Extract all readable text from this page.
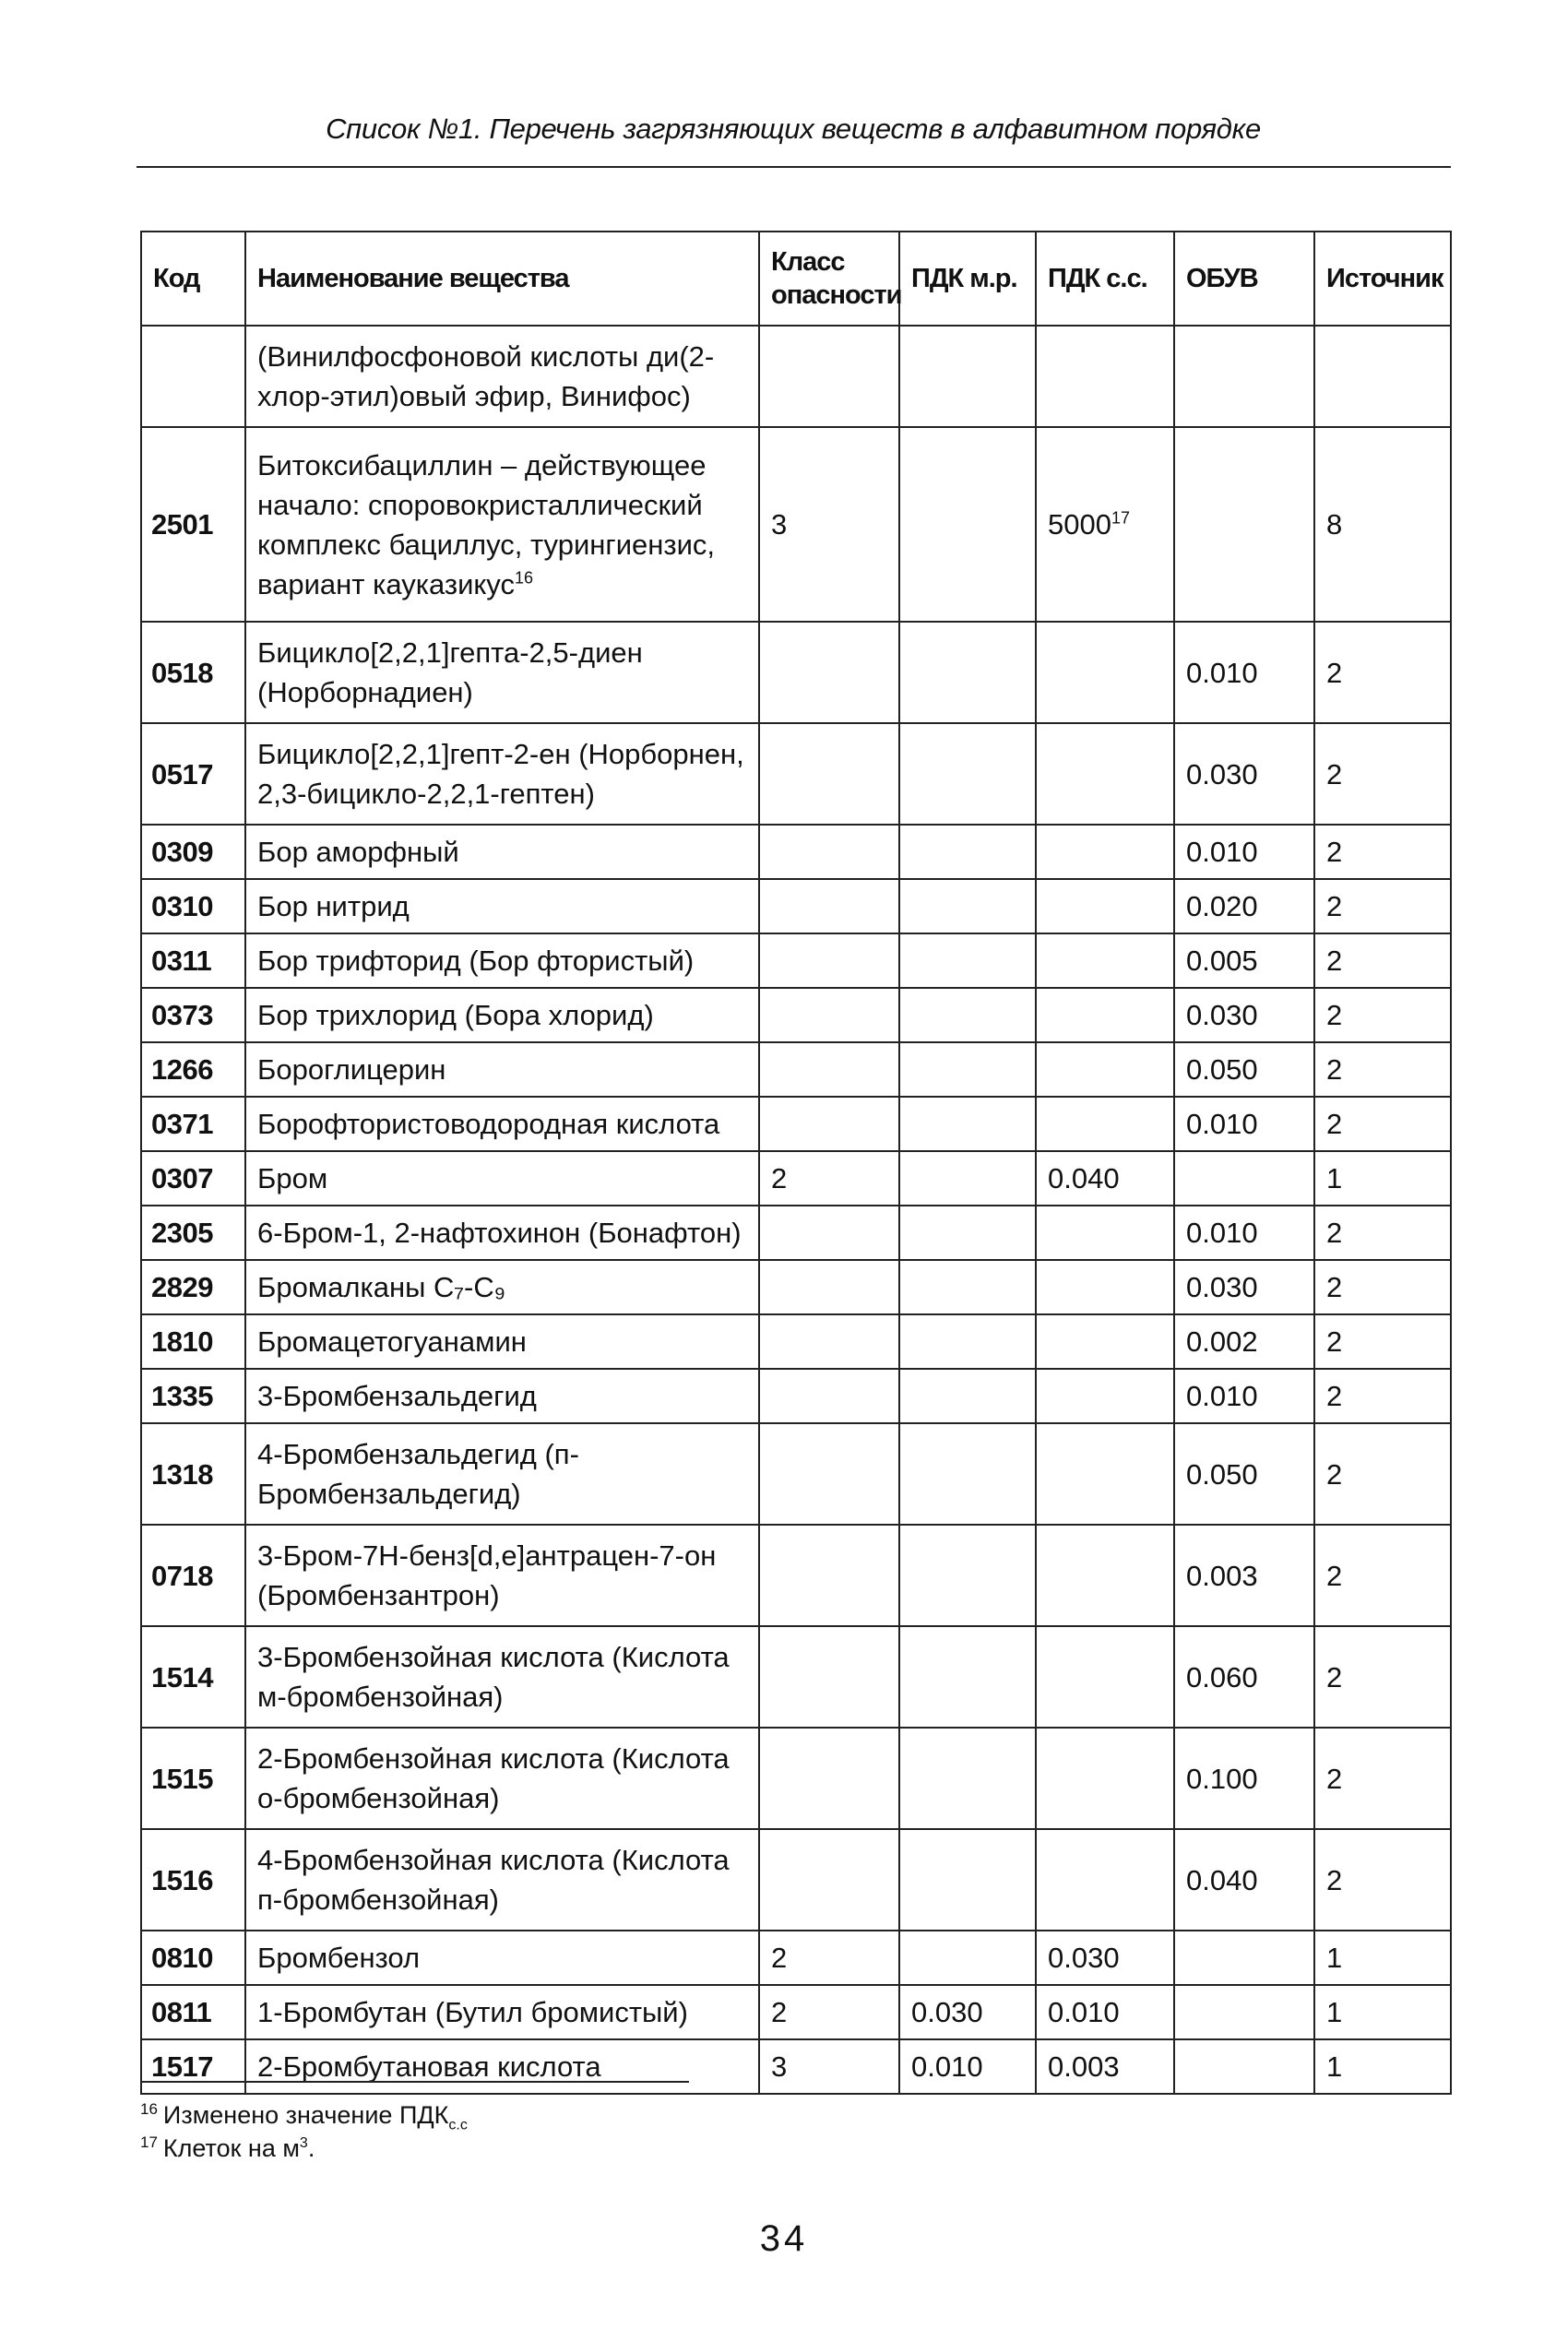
Список №1. Перечень загрязняющих веществ в алфавитном порядке
Код	Наименование вещества	Класс опасности	ПДК м.р.	ПДК с.с.	ОБУВ	Источник
	(Винилфосфоновой кислоты ди(2-хлор-этил)овый эфир, Винифос)					
2501	Битоксибациллин – действующее начало: споровокристаллический комплекс бациллус, турингиензис, вариант кауказикус$^{16}$	3		5000$^{17}$		8
0518	Бицикло[2,2,1]гепта-2,5-диен (Норборнадиен)				0.010	2
0517	Бицикло[2,2,1]гепт-2-ен (Норборнен, 2,3-бицикло-2,2,1-гептен)				0.030	2
0309	Бор аморфный				0.010	2
0310	Бор нитрид				0.020	2
0311	Бор трифторид (Бор фтористый)				0.005	2
0373	Бор трихлорид (Бора хлорид)				0.030	2
1266	Бороглицерин				0.050	2
0371	Борофтористоводородная кислота				0.010	2
0307	Бром	2		0.040		1
2305	6-Бром-1, 2-нафтохинон (Бонафтон)				0.010	2
2829	Бромалканы C₇-C₉				0.030	2
1810	Бромацетогуанамин				0.002	2
1335	3-Бромбензальдегид				0.010	2
1318	4-Бромбензальдегид (п-Бромбензальдегид)				0.050	2
0718	3-Бром-7H-бенз[d,e]антрацен-7-он (Бромбензантрон)				0.003	2
1514	3-Бромбензойная кислота (Кислота м-бромбензойная)				0.060	2
1515	2-Бромбензойная кислота (Кислота о-бромбензойная)				0.100	2
1516	4-Бромбензойная кислота (Кислота п-бромбензойная)				0.040	2
0810	Бромбензол	2		0.030		1
0811	1-Бромбутан (Бутил бромистый)	2	0.030	0.010		1
1517	2-Бромбутановая кислота	3	0.010	0.003		1
$^{16}$ Изменено значение $ПДК_{с.с}$
$^{17}$ Клеток на $м^3$.
34
